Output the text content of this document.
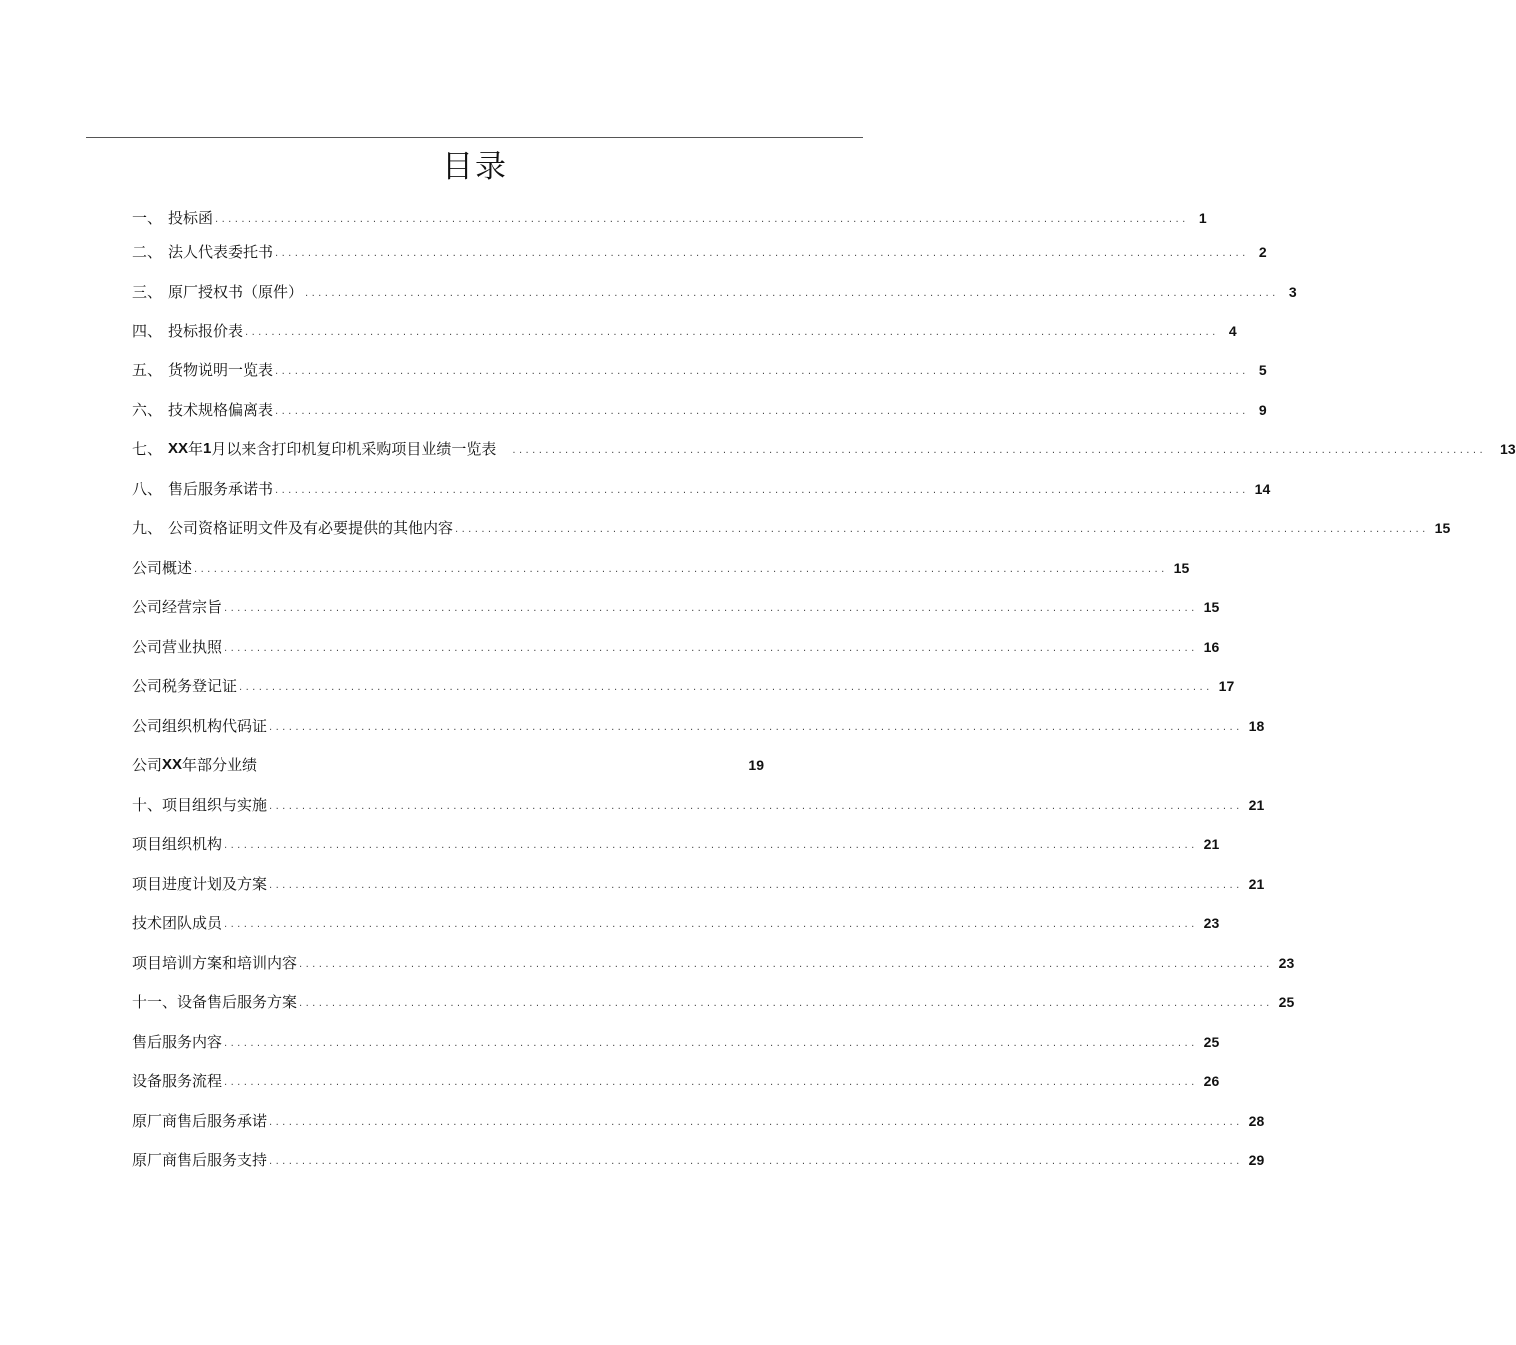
目录
一、 投标函 .................................................................................................................................................... 1
二、 法人代表委托书 .................................................................................................................................................... 2
三、 原厂授权书（原件） .................................................................................................................................................... 3
四、 投标报价表 .................................................................................................................................................... 4
五、 货物说明一览表 .................................................................................................................................................... 5
六、 技术规格偏离表 .................................................................................................................................................... 9
七、 XX 年 1 月以来含打印机复印机采购项目业绩一览表 .................................................................................................................................................... 13
八、 售后服务承诺书 .................................................................................................................................................... 14
九、 公司资格证明文件及有必要提供的其他内容 .................................................................................................................................................... 15
公司概述 .................................................................................................................................................... 15
公司经营宗旨 .................................................................................................................................................... 15
公司营业执照 .................................................................................................................................................... 16
公司税务登记证 .................................................................................................................................................... 17
公司组织机构代码证 .................................................................................................................................................... 18
公司 XX 年部分业绩	19
十、项目组织与实施 .................................................................................................................................................... 21
项目组织机构 .................................................................................................................................................... 21
项目进度计划及方案 .................................................................................................................................................... 21
技术团队成员 .................................................................................................................................................... 23
项目培训方案和培训内容 .................................................................................................................................................... 23
十一、设备售后服务方案 .................................................................................................................................................... 25
售后服务内容 .................................................................................................................................................... 25
设备服务流程 .................................................................................................................................................... 26
原厂商售后服务承诺 .................................................................................................................................................... 28
原厂商售后服务支持 .................................................................................................................................................... 29
